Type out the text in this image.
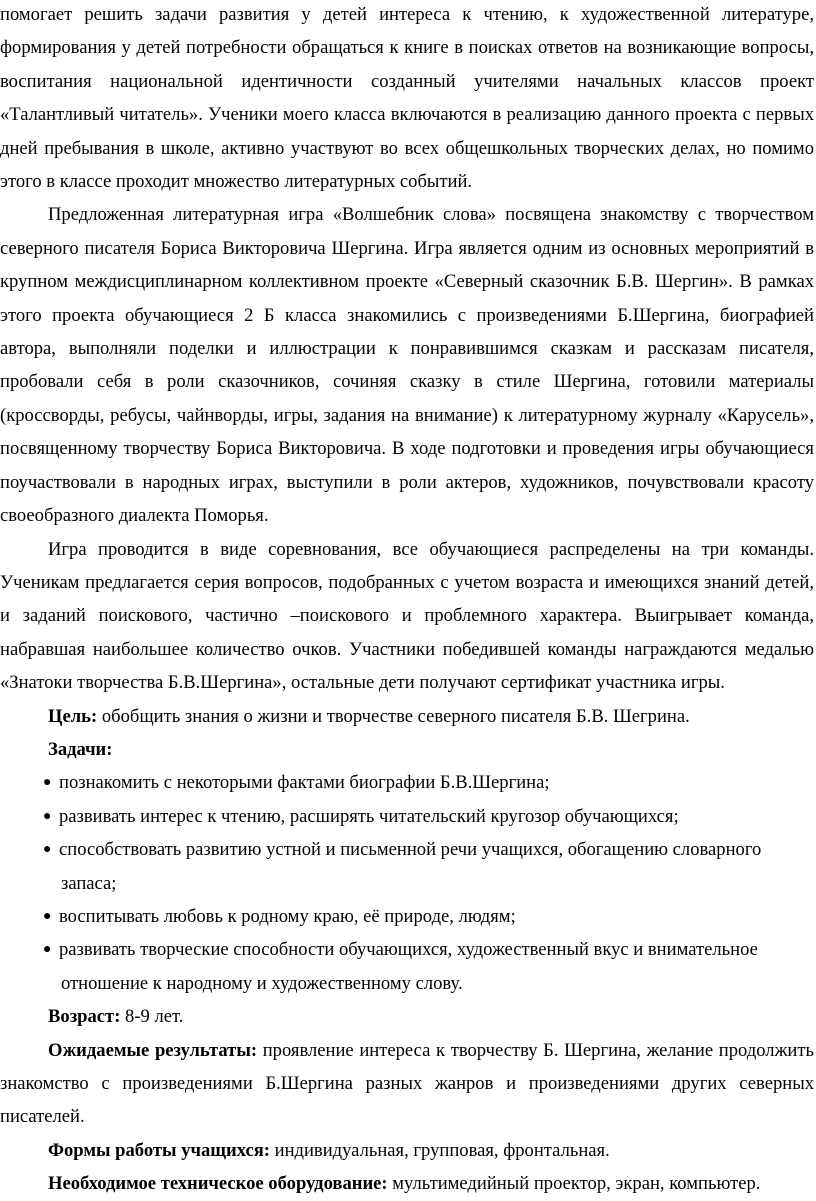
помогает решить задачи развития у детей интереса к чтению, к художественной литературе, формирования у детей потребности обращаться к книге в поисках ответов на возникающие вопросы, воспитания национальной идентичности созданный учителями начальных классов проект «Талантливый читатель». Ученики моего класса включаются в реализацию данного проекта с первых дней пребывания в школе, активно участвуют во всех общешкольных творческих делах, но помимо этого в классе проходит множество литературных событий.

Предложенная литературная игра «Волшебник слова» посвящена знакомству с творчеством северного писателя Бориса Викторовича Шергина. Игра является одним из основных мероприятий в крупном междисциплинарном коллективном проекте «Северный сказочник Б.В. Шергин». В рамках этого проекта обучающиеся 2 Б класса знакомились с произведениями Б.Шергина, биографией автора, выполняли поделки и иллюстрации к понравившимся сказкам и рассказам писателя, пробовали себя в роли сказочников, сочиняя сказку в стиле Шергина, готовили материалы (кроссворды, ребусы, чайнворды, игры, задания на внимание) к литературному журналу «Карусель», посвященному творчеству Бориса Викторовича. В ходе подготовки и проведения игры обучающиеся поучаствовали в народных играх, выступили в роли актеров, художников, почувствовали красоту своеобразного диалекта Поморья.

Игра проводится в виде соревнования, все обучающиеся распределены на три команды. Ученикам предлагается серия вопросов, подобранных с учетом возраста и имеющихся знаний детей, и заданий поискового, частично –поискового и проблемного характера. Выигрывает команда, набравшая наибольшее количество очков. Участники победившей команды награждаются медалью «Знатоки творчества Б.В.Шергина», остальные дети получают сертификат участника игры.

Цель: обобщить знания о жизни и творчестве северного писателя Б.В. Шегрина.

Задачи:

● познакомить с некоторыми фактами биографии Б.В.Шергина;
● развивать интерес к чтению, расширять читательский кругозор обучающихся;
● способствовать развитию устной и письменной речи учащихся, обогащению словарного
запаса;
● воспитывать любовь к родному краю, её природе, людям;
● развивать творческие способности обучающихся, художественный вкус и внимательное
отношение к народному и художественному слову.

Возраст: 8-9 лет.

Ожидаемые результаты: проявление интереса к творчеству Б. Шергина, желание продолжить знакомство с произведениями Б.Шергина разных жанров и произведениями других северных писателей.

Формы работы учащихся: индивидуальная, групповая, фронтальная.

Необходимое техническое оборудование: мультимедийный проектор, экран, компьютер.
